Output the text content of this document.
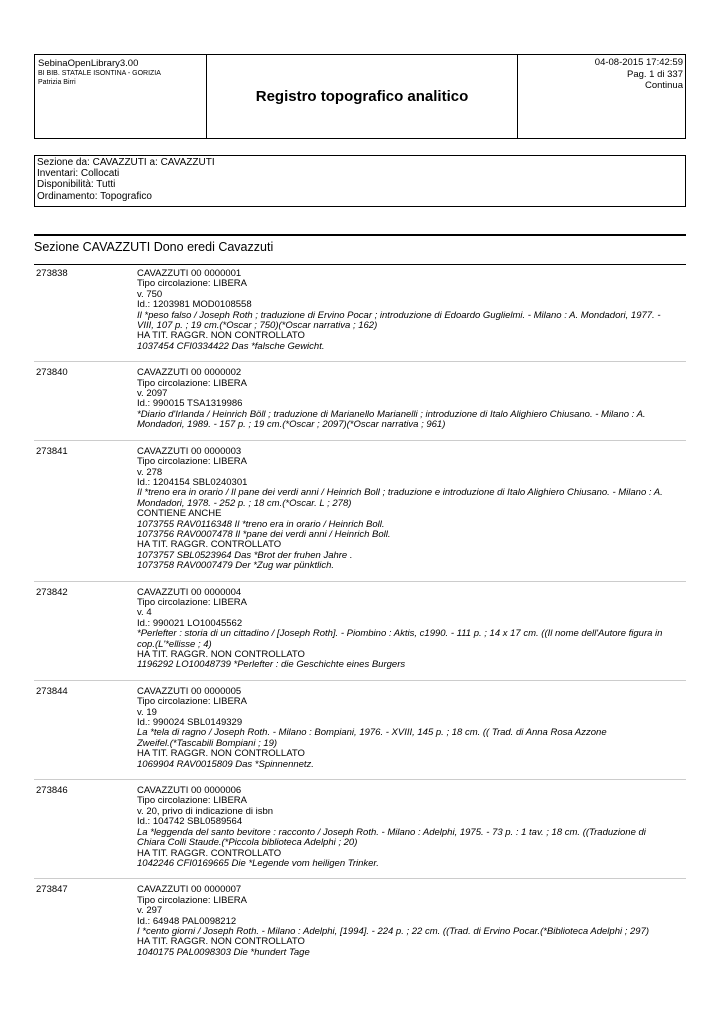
SebinaOpenLibrary3.00
BI BIB. STATALE ISONTINA - GORIZIA
Patrizia Birri
Registro topografico analitico
04-08-2015 17:42:59
Pag. 1 di 337
Continua
Sezione da: CAVAZZUTI a: CAVAZZUTI
Inventari: Collocati
Disponibilità: Tutti
Ordinamento: Topografico
Sezione CAVAZZUTI Dono eredi Cavazzuti
273838	CAVAZZUTI 00 0000001
Tipo circolazione: LIBERA
v. 750
Id.: 1203981 MOD0108558
Il *peso falso / Joseph Roth ; traduzione di Ervino Pocar ; introduzione di Edoardo Guglielmi. - Milano : A. Mondadori, 1977. -
VIII, 107 p. ; 19 cm.(*Oscar ; 750)(*Oscar narrativa ; 162)
HA TIT. RAGGR. NON CONTROLLATO
1037454 CFI0334422 Das *falsche Gewicht.
273840	CAVAZZUTI 00 0000002
Tipo circolazione: LIBERA
v. 2097
Id.: 990015 TSA1319986
*Diario d'Irlanda / Heinrich Böll ; traduzione di Marianello Marianelli ; introduzione di Italo Alighiero Chiusano. - Milano : A.
Mondadori, 1989. - 157 p. ; 19 cm.(*Oscar ; 2097)(*Oscar narrativa ; 961)
273841	CAVAZZUTI 00 0000003
Tipo circolazione: LIBERA
v. 278
Id.: 1204154 SBL0240301
Il *treno era in orario / Il pane dei verdi anni / Heinrich Boll ; traduzione e introduzione di Italo Alighiero Chiusano. - Milano : A.
Mondadori, 1978. - 252 p. ; 18 cm.(*Oscar. L ; 278)
CONTIENE ANCHE
1073755 RAV0116348 Il *treno era in orario / Heinrich Boll.
1073756 RAV0007478 Il *pane dei verdi anni / Heinrich Boll.
HA TIT. RAGGR. CONTROLLATO
1073757 SBL0523964 Das *Brot der fruhen Jahre .
1073758 RAV0007479 Der *Zug war pünktlich.
273842	CAVAZZUTI 00 0000004
Tipo circolazione: LIBERA
v. 4
Id.: 990021 LO10045562
*Perlefter : storia di un cittadino / [Joseph Roth]. - Piombino : Aktis, c1990. - 111 p. ; 14 x 17 cm. ((Il nome dell'Autore figura in
cop.(L'*ellisse ; 4)
HA TIT. RAGGR. NON CONTROLLATO
1196292 LO10048739 *Perlefter : die Geschichte eines Burgers
273844	CAVAZZUTI 00 0000005
Tipo circolazione: LIBERA
v. 19
Id.: 990024 SBL0149329
La *tela di ragno / Joseph Roth. - Milano : Bompiani, 1976. - XVIII, 145 p. ; 18 cm. (( Trad. di Anna Rosa Azzone
Zweifel.(*Tascabili Bompiani ; 19)
HA TIT. RAGGR. NON CONTROLLATO
1069904 RAV0015809 Das *Spinnennetz.
273846	CAVAZZUTI 00 0000006
Tipo circolazione: LIBERA
v. 20, privo di indicazione di isbn
Id.: 104742 SBL0589564
La *leggenda del santo bevitore : racconto / Joseph Roth. - Milano : Adelphi, 1975. - 73 p. : 1 tav. ; 18 cm. ((Traduzione di
Chiara Colli Staude.(*Piccola biblioteca Adelphi ; 20)
HA TIT. RAGGR. CONTROLLATO
1042246 CFI0169665 Die *Legende vom heiligen Trinker.
273847	CAVAZZUTI 00 0000007
Tipo circolazione: LIBERA
v. 297
Id.: 64948 PAL0098212
I *cento giorni / Joseph Roth. - Milano : Adelphi, [1994]. - 224 p. ; 22 cm. ((Trad. di Ervino Pocar.(*Biblioteca Adelphi ; 297)
HA TIT. RAGGR. NON CONTROLLATO
1040175 PAL0098303 Die *hundert Tage
